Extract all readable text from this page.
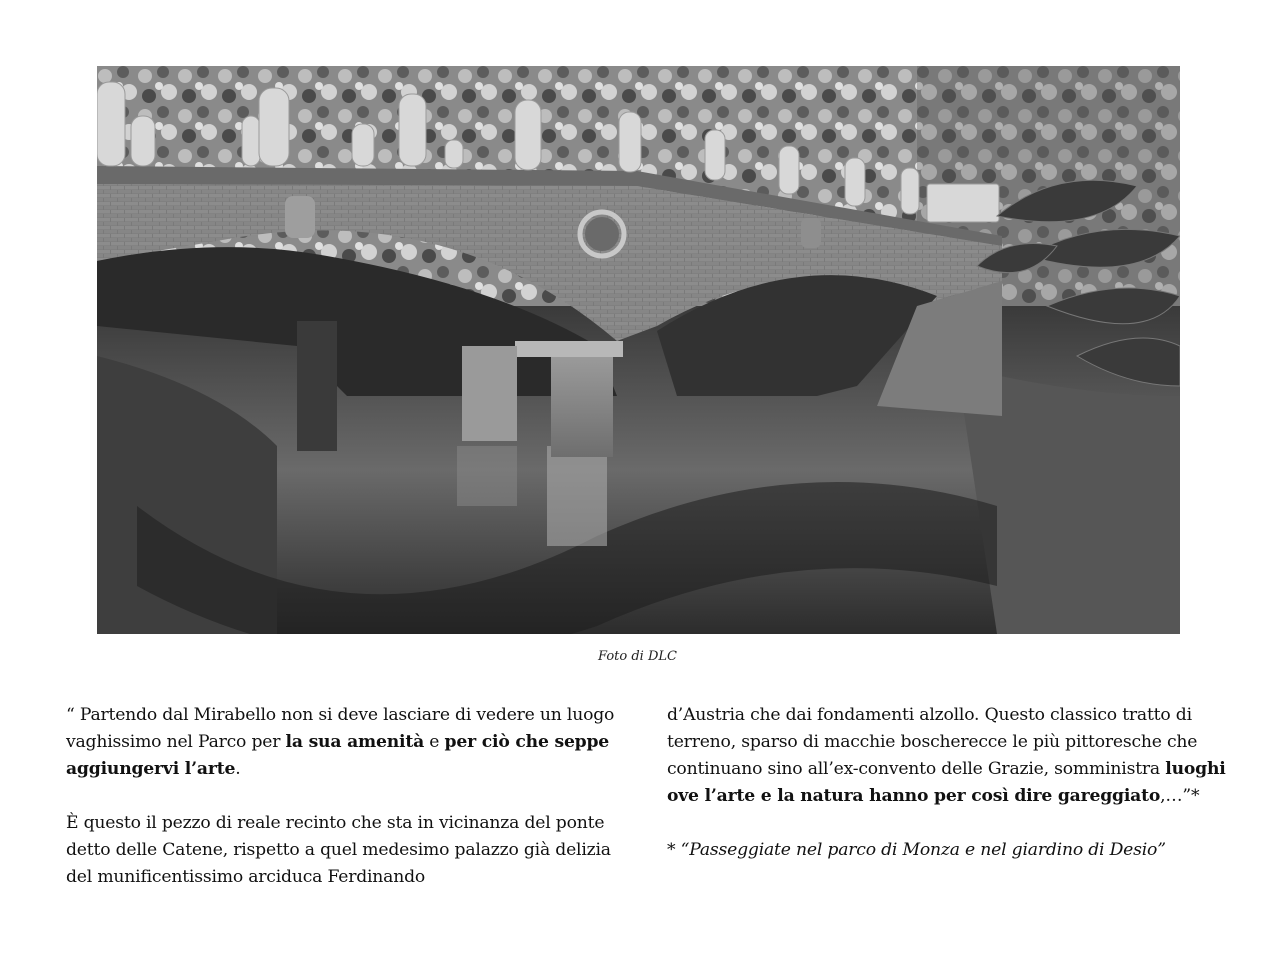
Foto di DLC

“ Partendo dal Mirabello non si deve lasciare di vedere un luogo vaghissimo nel Parco per la sua amenità e per ciò che seppe aggiungervi l’arte.

È questo il pezzo di reale recinto che sta in vicinanza del ponte detto delle Catene, rispetto a quel medesimo palazzo già delizia del munificentissimo arciduca Ferdinando

d’Austria che dai fondamenti alzollo. Questo classico tratto di terreno, sparso di macchie boscherecce le più pittoresche che continuano sino all’ex-convento delle Grazie, somministra luoghi ove l’arte e la natura hanno per così dire gareggiato,…”*

* “Passeggiate nel parco di Monza e nel giardino di Desio”
